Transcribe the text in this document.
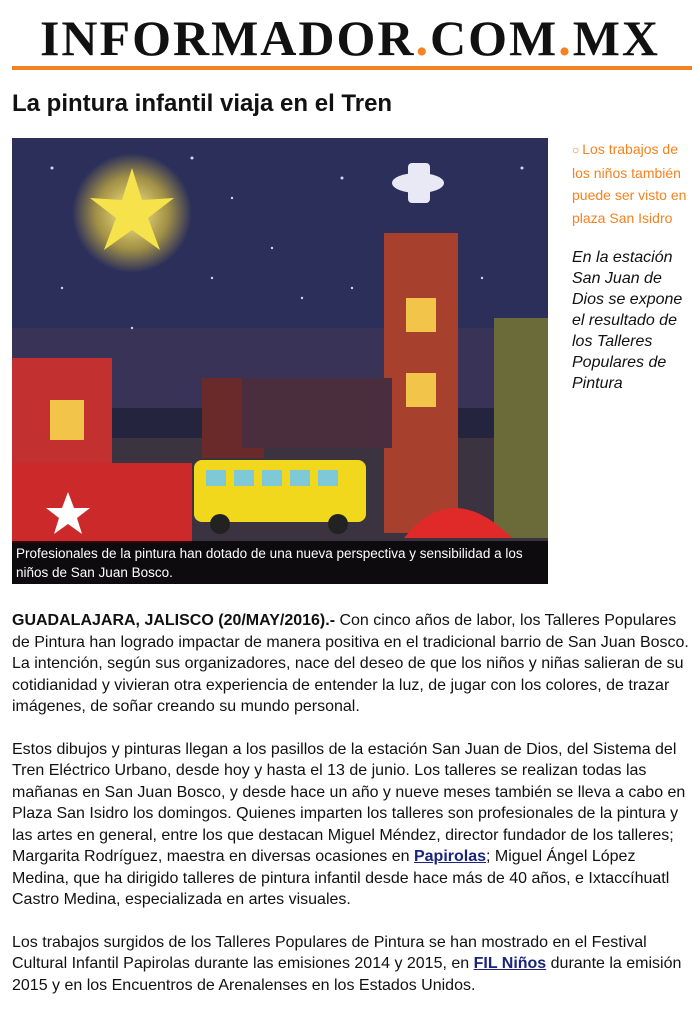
INFORMADOR.COM.MX
La pintura infantil viaja en el Tren
Profesionales de la pintura han dotado de una nueva perspectiva y sensibilidad a los niños de San Juan Bosco.

○ Los trabajos de los niños también puede ser visto en plaza San Isidro

En la estación San Juan de Dios se expone el resultado de los Talleres Populares de Pintura

GUADALAJARA, JALISCO (20/MAY/2016).- Con cinco años de labor, los Talleres Populares de Pintura han logrado impactar de manera positiva en el tradicional barrio de San Juan Bosco. La intención, según sus organizadores, nace del deseo de que los niños y niñas salieran de su cotidianidad y vivieran otra experiencia de entender la luz, de jugar con los colores, de trazar imágenes, de soñar creando su mundo personal.

Estos dibujos y pinturas llegan a los pasillos de la estación San Juan de Dios, del Sistema del Tren Eléctrico Urbano, desde hoy y hasta el 13 de junio. Los talleres se realizan todas las mañanas en San Juan Bosco, y desde hace un año y nueve meses también se lleva a cabo en Plaza San Isidro los domingos. Quienes imparten los talleres son profesionales de la pintura y las artes en general, entre los que destacan Miguel Méndez, director fundador de los talleres; Margarita Rodríguez, maestra en diversas ocasiones en Papirolas; Miguel Ángel López Medina, que ha dirigido talleres de pintura infantil desde hace más de 40 años, e Ixtaccíhuatl Castro Medina, especializada en artes visuales.

Los trabajos surgidos de los Talleres Populares de Pintura se han mostrado en el Festival Cultural Infantil Papirolas durante las emisiones 2014 y 2015, en FIL Niños durante la emisión 2015 y en los Encuentros de Arenalenses en los Estados Unidos.
